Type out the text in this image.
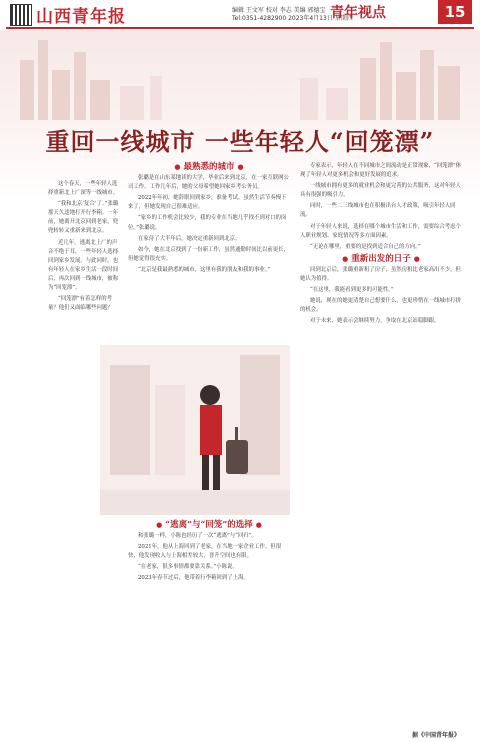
山西青年报	编辑 王文军 校对 李志 美编 郭德宝
Tel:0351-4282900 2023年4月13日 星期四
青年视点	15
重回一线城市 一些年轻人“回笼漂”

这个春天，一些年轻人选择重新北上广深等一线城市。

“我和北京‘复合’了。”张璐那天久违地打开行李箱。一年前，她离开北京回到老家，兜兜转转又重新来到北京。

近几年，逃离北上广的声音不绝于耳，一些年轻人选择回到家乡发展。与此同时，也有年轻人在家乡生活一段时间后，再次回到一线城市，被称为“回笼漂”。

“回笼漂”有着怎样的考量？他们又面临哪些问题？

● 最熟悉的城市 ●

张璐是在山东某地读的大学，毕业后来到北京，在一家互联网公司工作。工作几年后，她的父母希望她回家乡考公务员。

2022年年初，她辞职回到家乡，准备考试。虽然生活节奏慢下来了，但她发现自己很难适应。

“家乡的工作机会比较少，我的专业在当地几乎找不到对口的岗位。”张璐说。

在家待了大半年后，她决定重新回到北京。

如今，她在北京找到了一份新工作，虽然通勤时间比以前更长，但她觉得很充实。

“北京是我最熟悉的城市，这里有我的朋友和我的事业。”

● “逃离”与“回笼”的选择 ●

和张璐一样，小陈也经历了一次“逃离”与“回归”。

2021年，他从上海回到了老家，在当地一家企业工作。但很快，他发现收入与上海相差较大，晋升空间也有限。

“在老家，很多事情都要靠关系。”小陈说。

2023年春节过后，他带着行李箱回到了上海。

专家表示，年轻人在不同城市之间流动是正常现象，“回笼漂”体现了年轻人对更多机会和更好发展的追求。

一线城市拥有更多的就业机会和更完善的公共服务，这对年轻人具有很强的吸引力。

同时，一些二三线城市也在积极出台人才政策，吸引年轻人回流。

对于年轻人来说，选择在哪个城市生活和工作，需要综合考虑个人职业规划、家庭情况等多方面因素。

“无论在哪里，重要的是找到适合自己的方向。”

● 重新出发的日子 ●

回到北京后，张璐重新租了房子，虽然房租比老家高出不少，但她认为值得。

“在这里，我能看到更多的可能性。”

她说，现在的她更清楚自己想要什么，也更珍惜在一线城市打拼的机会。

对于未来，她表示会继续努力，争取在北京站稳脚跟。

据《中国青年报》
